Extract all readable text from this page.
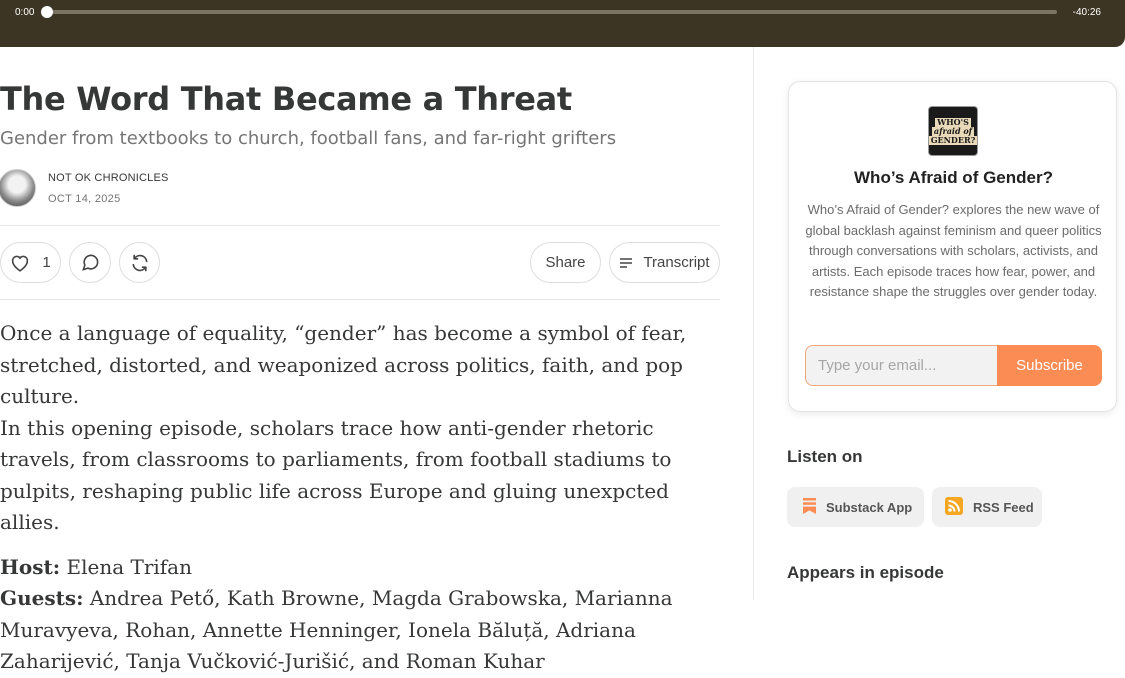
0:00	-40:26
The Word That Became a Threat
Gender from textbooks to church, football fans, and far-right grifters
NOT OK CHRONICLES
OCT 14, 2025
1	Share	Transcript

Once a language of equality, “gender” has become a symbol of fear, stretched, distorted, and weaponized across politics, faith, and pop culture.

In this opening episode, scholars trace how anti-gender rhetoric travels, from classrooms to parliaments, from football stadiums to pulpits, reshaping public life across Europe and gluing unexpcted allies.

Host: Elena Trifan

Guests: Andrea Pető, Kath Browne, Magda Grabowska, Marianna Muravyeva, Rohan, Annette Henninger, Ionela Băluță, Adriana Zaharijević, Tanja Vučković-Jurišić, and Roman Kuhar

WHO'S
afraid of
GENDER?
Who’s Afraid of Gender?
Who’s Afraid of Gender? explores the new wave of global backlash against feminism and queer politics through conversations with scholars, activists, and artists. Each episode traces how fear, power, and resistance shape the struggles over gender today.
Type your email...
Subscribe
Listen on
Substack App	RSS Feed
Appears in episode
